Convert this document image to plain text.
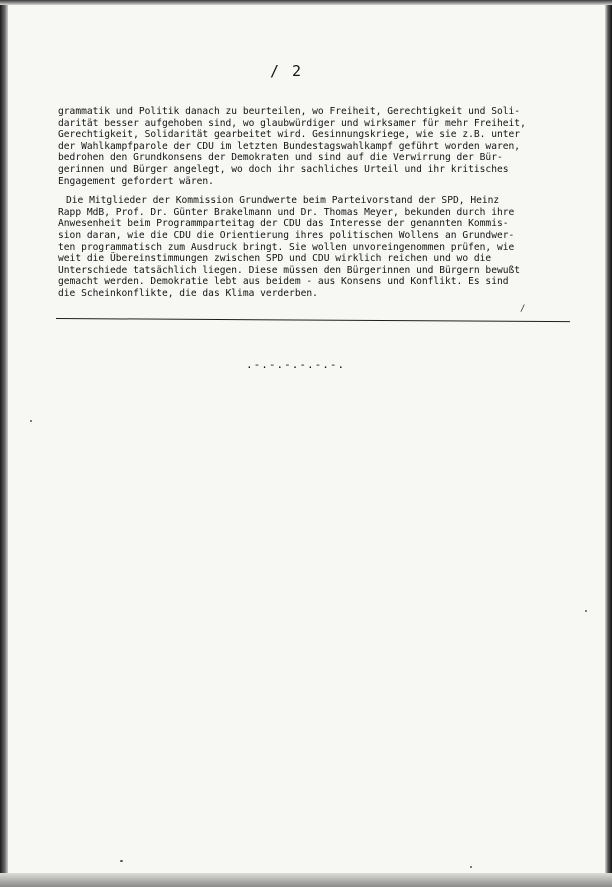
/ 2

grammatik und Politik danach zu beurteilen, wo Freiheit, Gerechtigkeit und Soli-
darität besser aufgehoben sind, wo glaubwürdiger und wirksamer für mehr Freiheit,
Gerechtigkeit, Solidarität gearbeitet wird. Gesinnungskriege, wie sie z.B. unter
der Wahlkampfparole der CDU im letzten Bundestagswahlkampf geführt worden waren,
bedrohen den Grundkonsens der Demokraten und sind auf die Verwirrung der Bür-
gerinnen und Bürger angelegt, wo doch ihr sachliches Urteil und ihr kritisches
Engagement gefordert wären.

Die Mitglieder der Kommission Grundwerte beim Parteivorstand der SPD, Heinz
Rapp MdB, Prof. Dr. Günter Brakelmann und Dr. Thomas Meyer, bekunden durch ihre
Anwesenheit beim Programmparteitag der CDU das Interesse der genannten Kommis-
sion daran, wie die CDU die Orientierung ihres politischen Wollens an Grundwer-
ten programmatisch zum Ausdruck bringt. Sie wollen unvoreingenommen prüfen, wie
weit die Übereinstimmungen zwischen SPD und CDU wirklich reichen und wo die
Unterschiede tatsächlich liegen. Diese müssen den Bürgerinnen und Bürgern bewußt
gemacht werden. Demokratie lebt aus beidem - aus Konsens und Konflikt. Es sind
die Scheinkonflikte, die das Klima verderben.

/
.-.-.-.-.-.-.
